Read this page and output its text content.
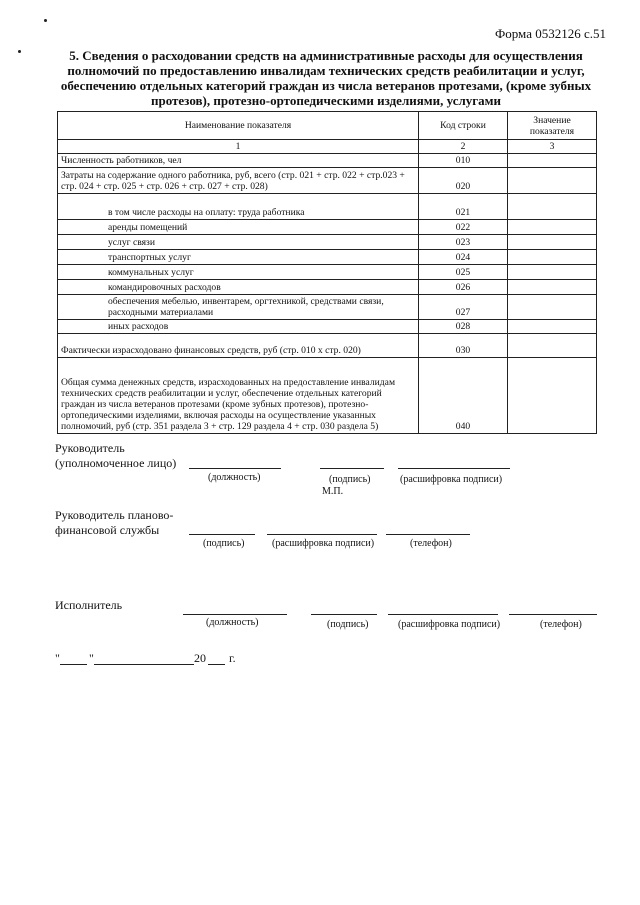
Форма 0532126 с.51
5. Сведения о расходовании средств на административные расходы для осуществления
полномочий по предоставлению инвалидам технических средств реабилитации и услуг,
обеспечению отдельных категорий граждан из числа ветеранов протезами, (кроме зубных
протезов), протезно-ортопедическими изделиями, услугами
Наименование показателя	Код строки	Значение показателя
1	2	3
Численность работников, чел	010	
Затраты на содержание одного работника, руб, всего (стр. 021 + стр. 022 + стр.023 + стр. 024 + стр. 025 + стр. 026 + стр. 027 + стр. 028)	020	
в том числе расходы на оплату: труда работника	021	
аренды помещений	022	
услуг связи	023	
транспортных услуг	024	
коммунальных услуг	025	
командировочных расходов	026	
обеспечения мебелью, инвентарем, оргтехникой, средствами связи, расходными материалами	027	
иных расходов	028	
Фактически израсходовано финансовых средств, руб (стр. 010 х стр. 020)	030	
Общая сумма денежных средств, израсходованных на предоставление инвалидам технических средств реабилитации и услуг, обеспечение отдельных категорий граждан из числа ветеранов протезами (кроме зубных протезов), протезно-ортопедическими изделиями, включая расходы на осуществление указанных полномочий, руб (стр. 351 раздела 3 + стр. 129 раздела 4 + стр. 030 раздела 5)	040	
Руководитель
(уполномоченное лицо)
(должность)	(подпись)	(расшифровка подписи)
М.П.
Руководитель планово-
финансовой службы
(подпись)	(расшифровка подписи)	(телефон)
Исполнитель
(должность)	(подпись)	(расшифровка подписи)	(телефон)
" "	20 г.
